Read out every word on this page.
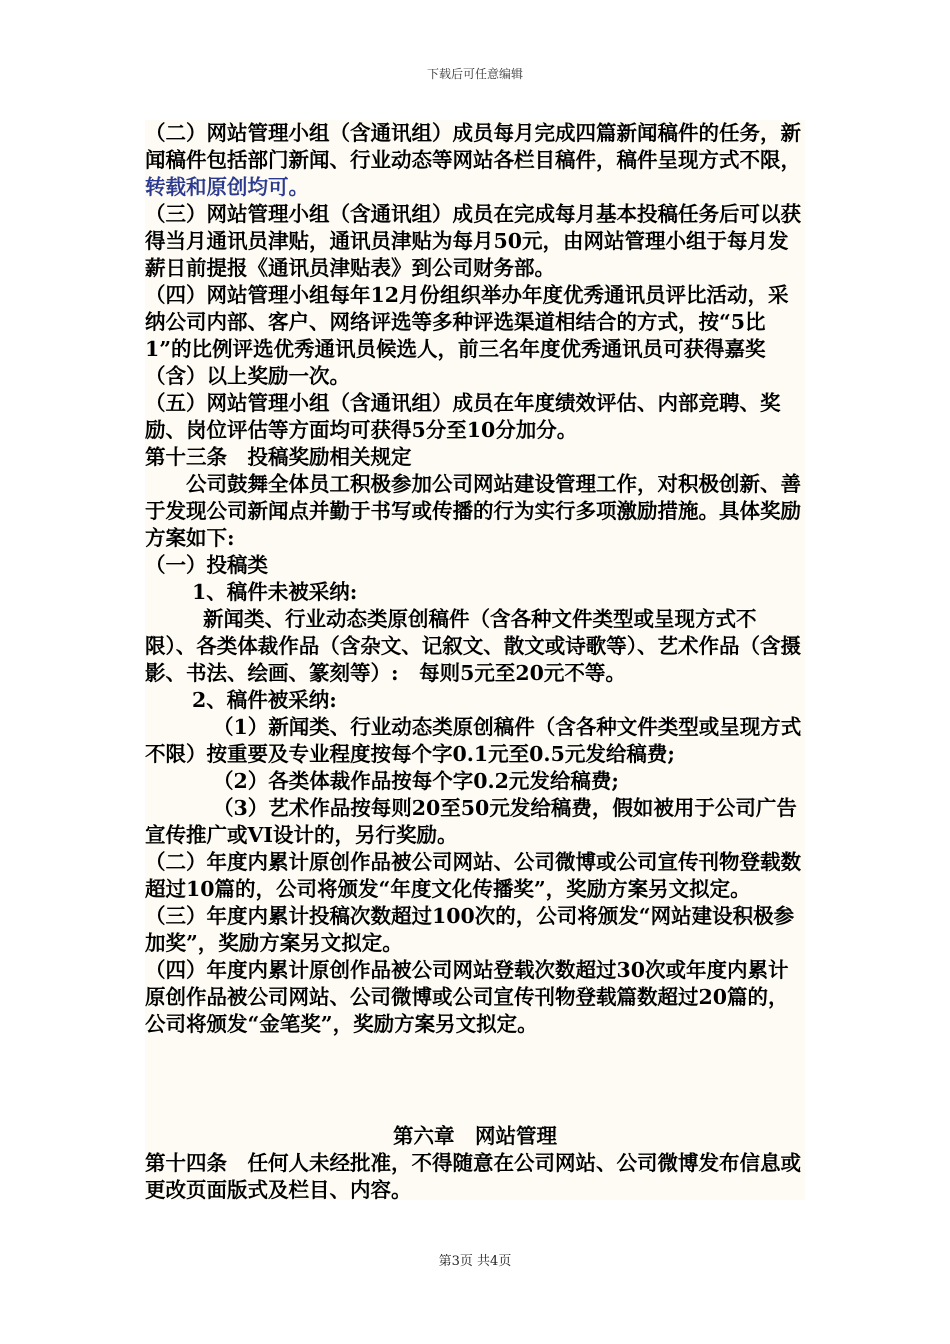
下载后可任意编辑

（二）网站管理小组（含通讯组）成员每月完成四篇新闻稿件的任务，新闻稿件包括部门新闻、行业动态等网站各栏目稿件，稿件呈现方式不限，转载和原创均可。

（三）网站管理小组（含通讯组）成员在完成每月基本投稿任务后可以获得当月通讯员津贴，通讯员津贴为每月50元，由网站管理小组于每月发薪日前提报《通讯员津贴表》到公司财务部。

（四）网站管理小组每年12月份组织举办年度优秀通讯员评比活动，采纳公司内部、客户、网络评选等多种评选渠道相结合的方式，按“5比1”的比例评选优秀通讯员候选人，前三名年度优秀通讯员可获得嘉奖（含）以上奖励一次。

（五）网站管理小组（含通讯组）成员在年度绩效评估、内部竞聘、奖励、岗位评估等方面均可获得5分至10分加分。

第十三条　投稿奖励相关规定

公司鼓舞全体员工积极参加公司网站建设管理工作，对积极创新、善于发现公司新闻点并勤于书写或传播的行为实行多项激励措施。具体奖励方案如下:

（一）投稿类

1、稿件未被采纳:

新闻类、行业动态类原创稿件（含各种文件类型或呈现方式不限）、各类体裁作品（含杂文、记叙文、散文或诗歌等）、艺术作品（含摄影、书法、绘画、篆刻等）:　每则5元至20元不等。

2、稿件被采纳:

（1）新闻类、行业动态类原创稿件（含各种文件类型或呈现方式不限）按重要及专业程度按每个字0.1元至0.5元发给稿费;

（2）各类体裁作品按每个字0.2元发给稿费;

（3）艺术作品按每则20至50元发给稿费，假如被用于公司广告宣传推广或VI设计的，另行奖励。

（二）年度内累计原创作品被公司网站、公司微博或公司宣传刊物登载数超过10篇的，公司将颁发“年度文化传播奖”，奖励方案另文拟定。

（三）年度内累计投稿次数超过100次的，公司将颁发“网站建设积极参加奖”，奖励方案另文拟定。

（四）年度内累计原创作品被公司网站登载次数超过30次或年度内累计原创作品被公司网站、公司微博或公司宣传刊物登载篇数超过20篇的，公司将颁发“金笔奖”，奖励方案另文拟定。

第六章　网站管理

第十四条　任何人未经批准，不得随意在公司网站、公司微博发布信息或更改页面版式及栏目、内容。

第3页 共4页
